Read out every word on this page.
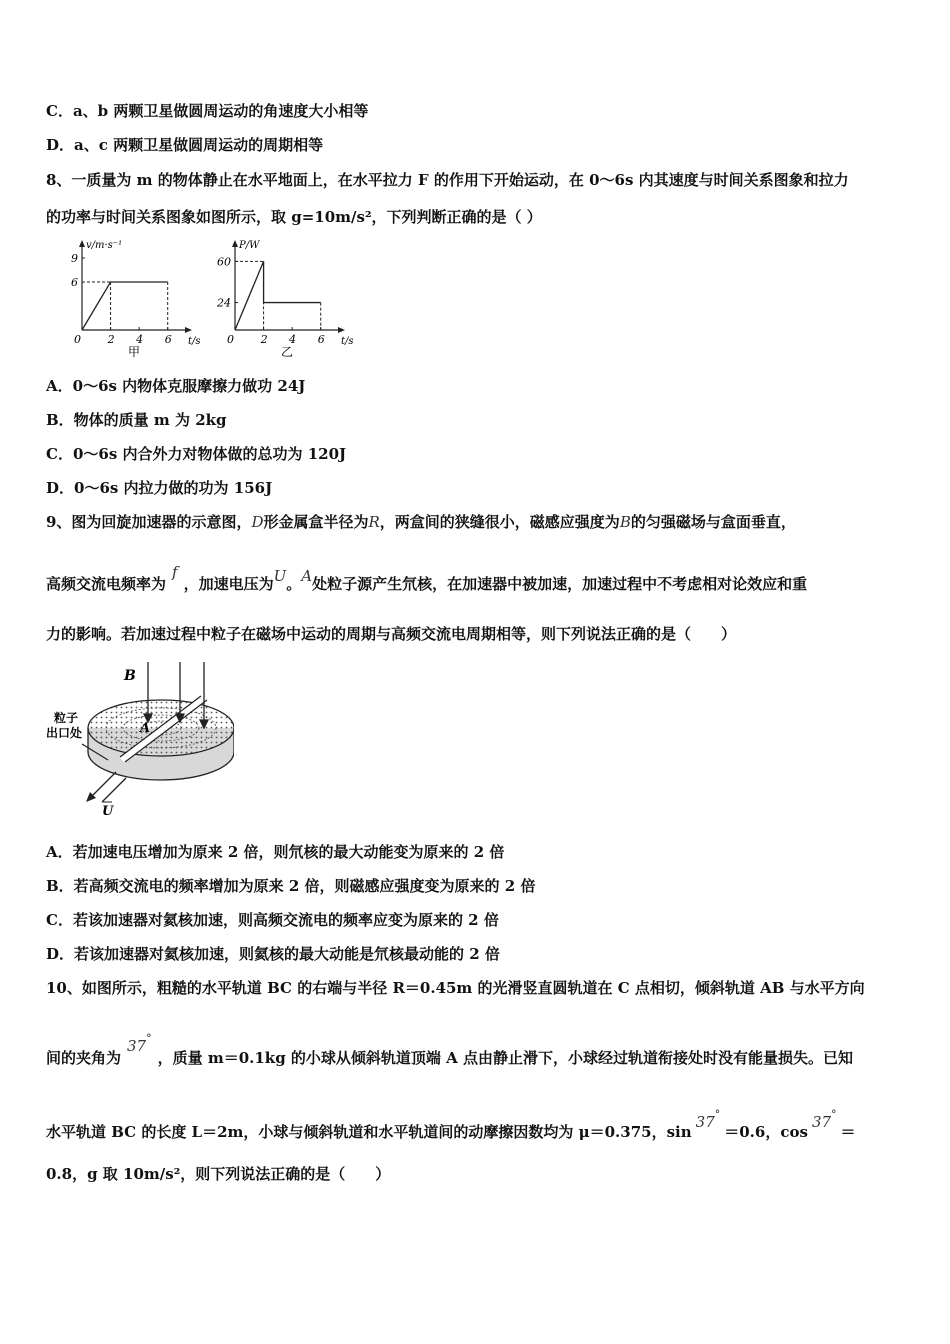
C．a、b 两颗卫星做圆周运动的角速度大小相等
D．a、c 两颗卫星做圆周运动的周期相等
8、一质量为 m 的物体静止在水平地面上，在水平拉力 F 的作用下开始运动，在 0～6s 内其速度与时间关系图象和拉力
的功率与时间关系图象如图所示，取 g=10m/s²，下列判断正确的是（ ）
v/m·s⁻¹
t/s
0 2 4 6
6
9
甲
P/W
t/s
0 2 4 6
24
60
乙
A．0～6s 内物体克服摩擦力做功 24J
B．物体的质量 m 为 2kg
C．0～6s 内合外力对物体做的总功为 120J
D．0～6s 内拉力做的功为 156J
9、图为回旋加速器的示意图，D形金属盒半径为R，两盒间的狭缝很小，磁感应强度为B的匀强磁场与盒面垂直，
高频交流电频率为f，加速电压为U。A处粒子源产生氘核，在加速器中被加速，加速过程中不考虑相对论效应和重
力的影响。若加速过程中粒子在磁场中运动的周期与高频交流电周期相等，则下列说法正确的是（　　）
B
粒子
出口处	A
U
A．若加速电压增加为原来 2 倍，则氘核的最大动能变为原来的 2 倍
B．若高频交流电的频率增加为原来 2 倍，则磁感应强度变为原来的 2 倍
C．若该加速器对氦核加速，则高频交流电的频率应变为原来的 2 倍
D．若该加速器对氦核加速，则氦核的最大动能是氘核最动能的 2 倍
10、如图所示，粗糙的水平轨道 BC 的右端与半径 R＝0.45m 的光滑竖直圆轨道在 C 点相切，倾斜轨道 AB 与水平方向
间的夹角为37°，质量 m＝0.1kg 的小球从倾斜轨道顶端 A 点由静止滑下，小球经过轨道衔接处时没有能量损失。已知
水平轨道 BC 的长度 L＝2m，小球与倾斜轨道和水平轨道间的动摩擦因数均为 μ＝0.375，sin37°＝0.6，cos37°＝
0.8，g 取 10m/s²，则下列说法正确的是（　　）
